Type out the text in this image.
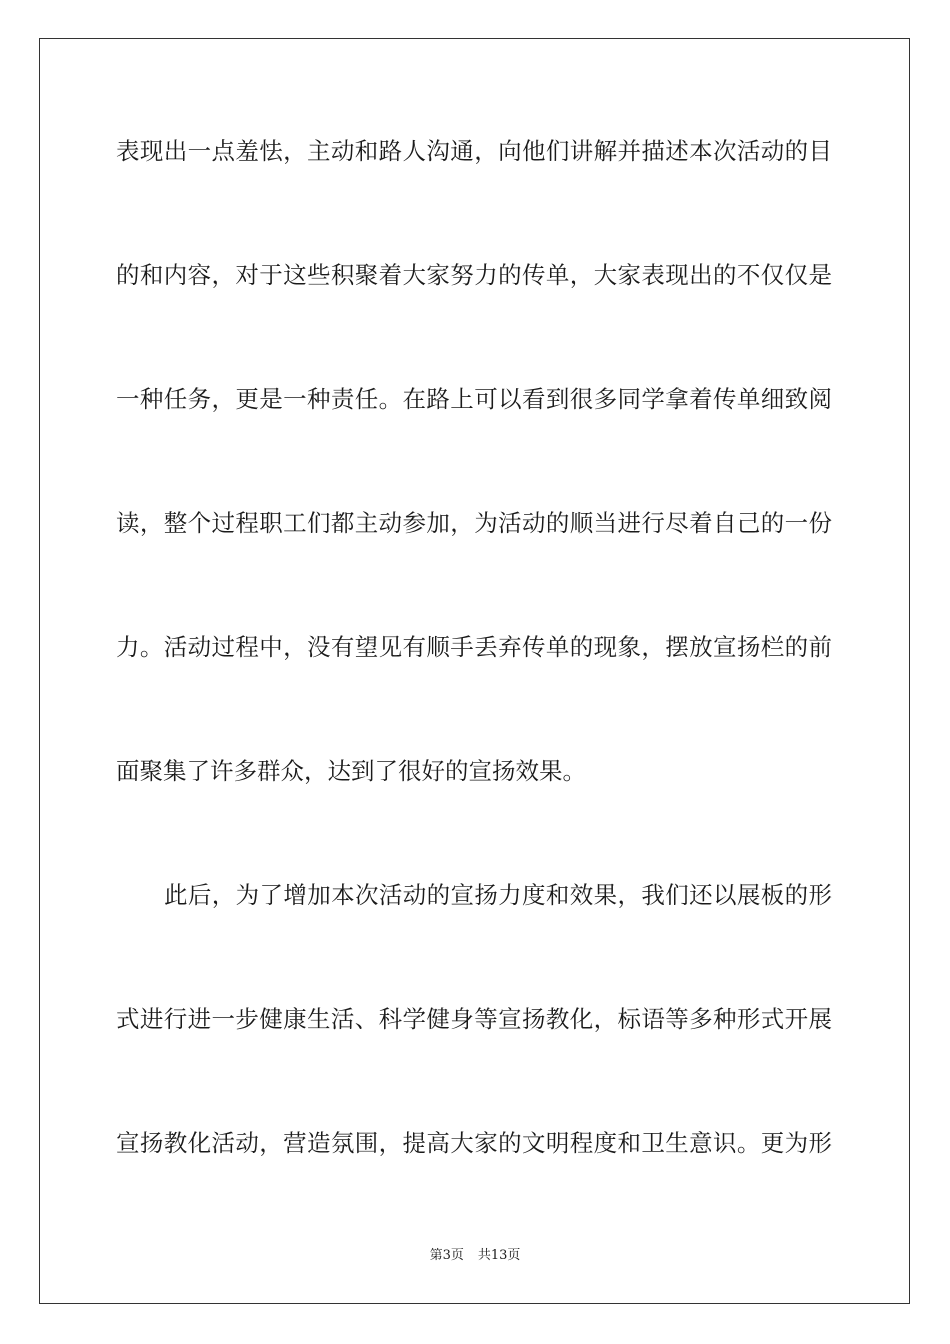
表现出一点羞怯，主动和路人沟通，向他们讲解并描述本次活动的目
的和内容，对于这些积聚着大家努力的传单，大家表现出的不仅仅是
一种任务，更是一种责任。在路上可以看到很多同学拿着传单细致阅
读，整个过程职工们都主动参加，为活动的顺当进行尽着自己的一份
力。活动过程中，没有望见有顺手丢弃传单的现象，摆放宣扬栏的前
面聚集了许多群众，达到了很好的宣扬效果。
此后，为了增加本次活动的宣扬力度和效果，我们还以展板的形
式进行进一步健康生活、科学健身等宣扬教化，标语等多种形式开展
宣扬教化活动，营造氛围，提高大家的文明程度和卫生意识。更为形
第3页 共13页
